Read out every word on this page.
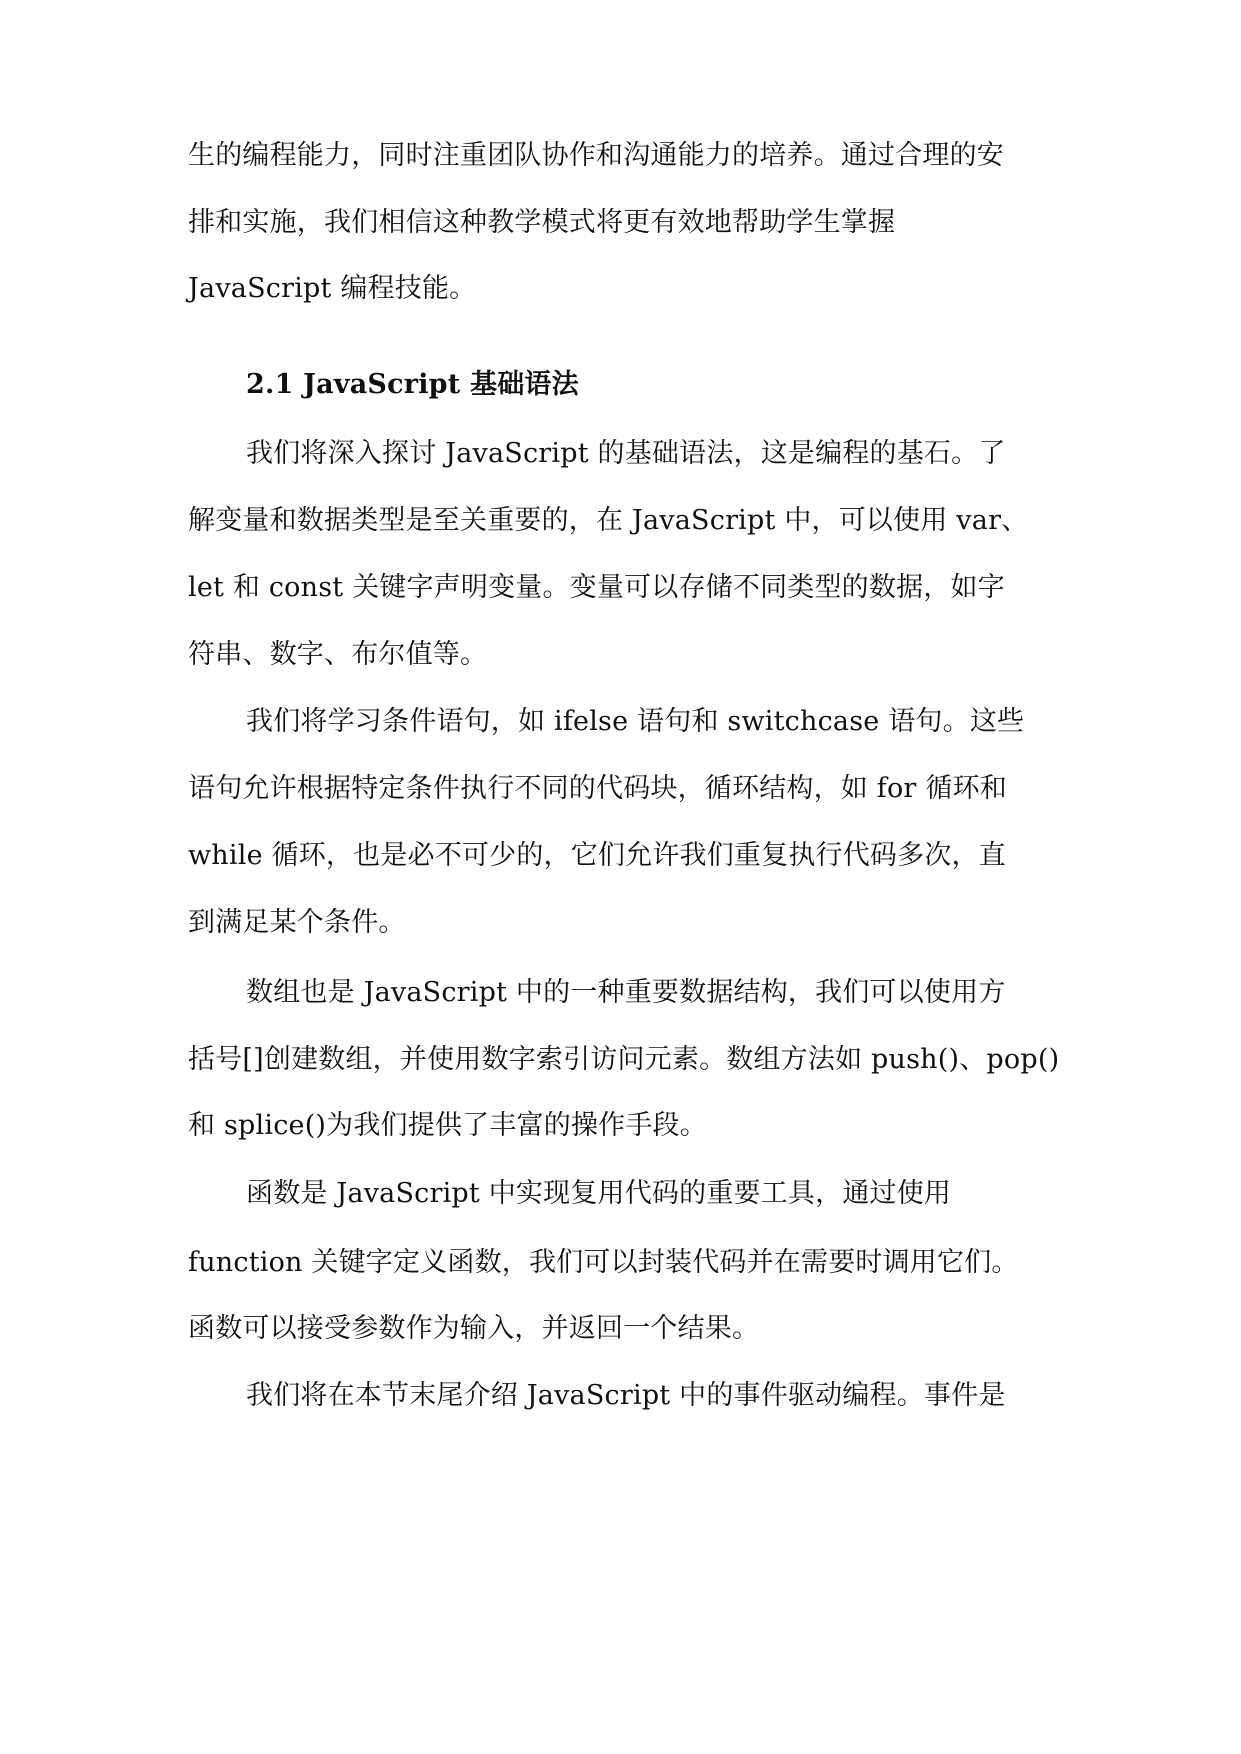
生的编程能力，同时注重团队协作和沟通能力的培养。通过合理的安
排和实施，我们相信这种教学模式将更有效地帮助学生掌握
JavaScript 编程技能。
2.1 JavaScript 基础语法
我们将深入探讨 JavaScript 的基础语法，这是编程的基石。了
解变量和数据类型是至关重要的，在 JavaScript 中，可以使用 var、
let 和 const 关键字声明变量。变量可以存储不同类型的数据，如字
符串、数字、布尔值等。
我们将学习条件语句，如 ifelse 语句和 switchcase 语句。这些
语句允许根据特定条件执行不同的代码块，循环结构，如 for 循环和
while 循环，也是必不可少的，它们允许我们重复执行代码多次，直
到满足某个条件。
数组也是 JavaScript 中的一种重要数据结构，我们可以使用方
括号[]创建数组，并使用数字索引访问元素。数组方法如 push()、pop()
和 splice()为我们提供了丰富的操作手段。
函数是 JavaScript 中实现复用代码的重要工具，通过使用
function 关键字定义函数，我们可以封装代码并在需要时调用它们。
函数可以接受参数作为输入，并返回一个结果。
我们将在本节末尾介绍 JavaScript 中的事件驱动编程。事件是
